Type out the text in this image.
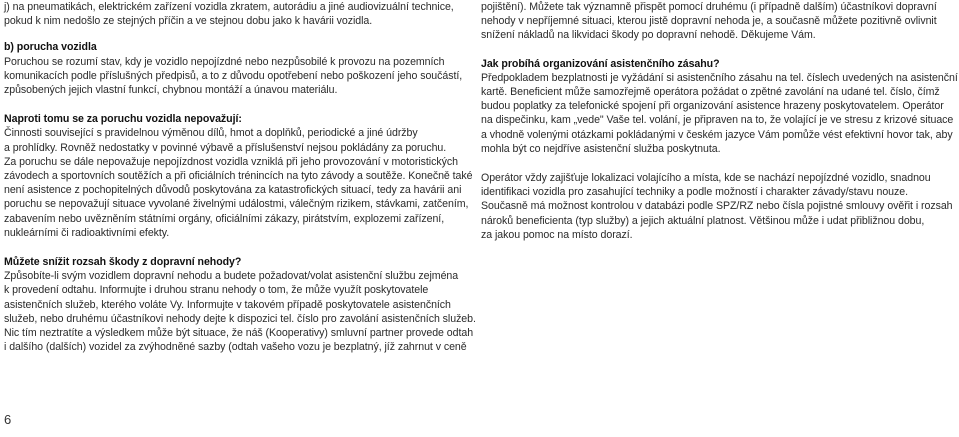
j) na pneumatikách, elektrickém zařízení vozidla zkratem, autorádiu a jiné audiovizuální technice,
pokud k nim nedošlo ze stejných příčin a ve stejnou dobu jako k havárii vozidla.
b) porucha vozidla
Poruchou se rozumí stav, kdy je vozidlo nepojízdné nebo nezpůsobilé k provozu na pozemních
komunikacích podle příslušných předpisů, a to z důvodu opotřebení nebo poškození jeho součástí,
způsobených jejich vlastní funkcí, chybnou montáží a únavou materiálu.
Naproti tomu se za poruchu vozidla nepovažují:
Činnosti související s pravidelnou výměnou dílů, hmot a doplňků, periodické a jiné údržby
a prohlídky. Rovněž nedostatky v povinné výbavě a příslušenství nejsou pokládány za poruchu.
Za poruchu se dále nepovažuje nepojízdnost vozidla vzniklá při jeho provozování v motoristických
závodech a sportovních soutěžích a při oficiálních trénincích na tyto závody a soutěže. Konečně také
není asistence z pochopitelných důvodů poskytována za katastrofických situací, tedy za havárii ani
poruchu se nepovažují situace vyvolané živelnými událostmi, válečným rizikem, stávkami, zatčením,
zabavením nebo uvězněním státními orgány, oficiálními zákazy, pirátstvím, explozemi zařízení,
nukleárními či radioaktivními efekty.
Můžete snížit rozsah škody z dopravní nehody?
Způsobíte-li svým vozidlem dopravní nehodu a budete požadovat/volat asistenční službu zejména
k provedení odtahu. Informujte i druhou stranu nehody o tom, že může využít poskytovatele
asistenčních služeb, kterého voláte Vy. Informujte v takovém případě poskytovatele asistenčních
služeb, nebo druhému účastníkovi nehody dejte k dispozici tel. číslo pro zavolání asistenčních služeb.
Nic tím neztratíte a výsledkem může být situace, že náš (Kooperativy) smluvní partner provede odtah
i dalšího (dalších) vozidel za zvýhodněné sazby (odtah vašeho vozu je bezplatný, jíž zahrnut v ceně
pojištění). Můžete tak významně přispět pomocí druhému (i případně dalším) účastníkovi dopravní
nehody v nepříjemné situaci, kterou jistě dopravní nehoda je, a současně můžete pozitivně ovlivnit
snížení nákladů na likvidaci škody po dopravní nehodě. Děkujeme Vám.
Jak probíhá organizování asistenčního zásahu?
Předpokladem bezplatnosti je vyžádání si asistenčního zásahu na tel. číslech uvedených na asistenční
kartě. Beneficient může samozřejmě operátora požádat o zpětné zavolání na udané tel. číslo, čímž
budou poplatky za telefonické spojení při organizování asistence hrazeny poskytovatelem. Operátor
na dispečinku, kam „vede" Vaše tel. volání, je připraven na to, že volající je ve stresu z krizové situace
a vhodně volenými otázkami pokládanými v českém jazyce Vám pomůže vést efektivní hovor tak, aby
mohla být co nejdříve asistenční služba poskytnuta.
Operátor vždy zajišťuje lokalizaci volajícího a místa, kde se nachází nepojízdné vozidlo, snadnou
identifikaci vozidla pro zasahující techniky a podle možností i charakter závady/stavu nouze.
Současně má možnost kontrolou v databázi podle SPZ/RZ nebo čísla pojistné smlouvy ověřit i rozsah
nároků beneficienta (typ služby) a jejich aktuální platnost. Většinou může i udat přibližnou dobu,
za jakou pomoc na místo dorazí.
6
